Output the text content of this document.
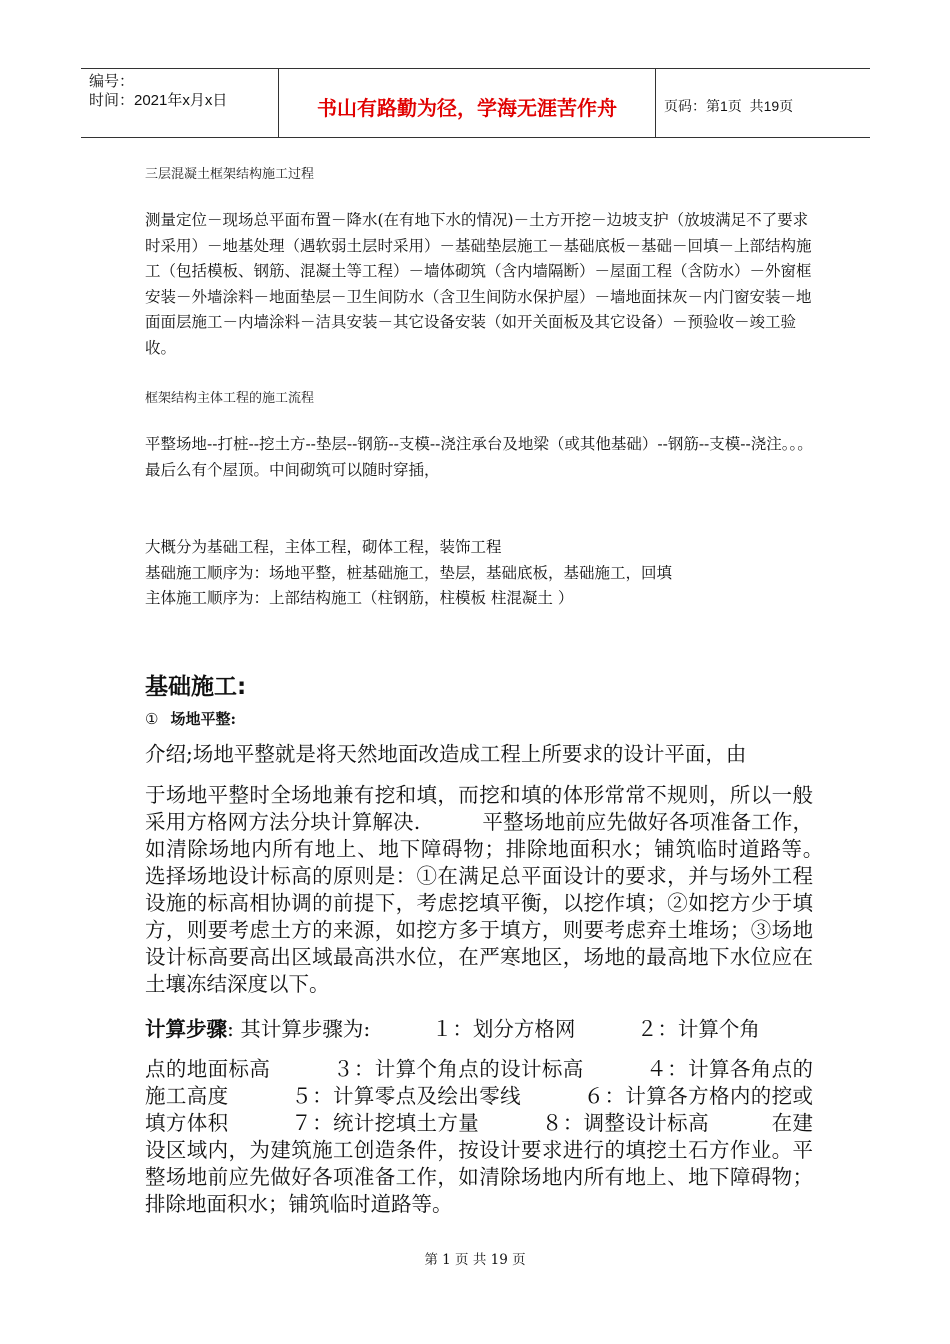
编号：
时间：2021年x月x日	书山有路勤为径，学海无涯苦作舟	页码：第1页  共19页
三层混凝土框架结构施工过程
测量定位－现场总平面布置－降水(在有地下水的情况)－土方开挖－边坡支护（放坡满足不了要求时采用）－地基处理（遇软弱土层时采用）－基础垫层施工－基础底板－基础－回填－上部结构施工（包括模板、钢筋、混凝土等工程）－墙体砌筑（含内墙隔断）－屋面工程（含防水）－外窗框安装－外墙涂料－地面垫层－卫生间防水（含卫生间防水保护屋）－墙地面抹灰－内门窗安装－地面面层施工－内墙涂料－洁具安装－其它设备安装（如开关面板及其它设备）－预验收－竣工验收。
框架结构主体工程的施工流程
平整场地--打桩--挖土方--垫层--钢筋--支模--浇注承台及地梁（或其他基础）--钢筋--支模--浇注。。。最后么有个屋顶。中间砌筑可以随时穿插，
大概分为基础工程，主体工程，砌体工程，装饰工程
基础施工顺序为：场地平整，桩基础施工，垫层，基础底板，基础施工，回填
主体施工顺序为：上部结构施工（柱钢筋，柱模板 柱混凝土 ）
基础施工:
① 场地平整:
介绍;场地平整就是将天然地面改造成工程上所要求的设计平面，由
于场地平整时全场地兼有挖和填，而挖和填的体形常常不规则，所以一般采用方格网方法分块计算解决.　　　平整场地前应先做好各项准备工作，如清除场地内所有地上、地下障碍物；排除地面积水；铺筑临时道路等。　　　选择场地设计标高的原则是：①在满足总平面设计的要求，并与场外工程设施的标高相协调的前提下，考虑挖填平衡，以挖作填；②如挖方少于填方，则要考虑土方的来源，如挖方多于填方，则要考虑弃土堆场；③场地设计标高要高出区域最高洪水位，在严寒地区，场地的最高地下水位应在土壤冻结深度以下。
计算步骤: 其计算步骤为:　　　１：划分方格网　　　２：计算个角
点的地面标高　　　３：计算个角点的设计标高　　　４：计算各角点的施工高度　　　５：计算零点及绘出零线　　　６：计算各方格内的挖或填方体积　　　７：统计挖填土方量　　　８：调整设计标高　　　在建设区域内，为建筑施工创造条件，按设计要求进行的填挖土石方作业。平整场地前应先做好各项准备工作，如清除场地内所有地上、地下障碍物；排除地面积水；铺筑临时道路等。
第 1 页 共 19 页
